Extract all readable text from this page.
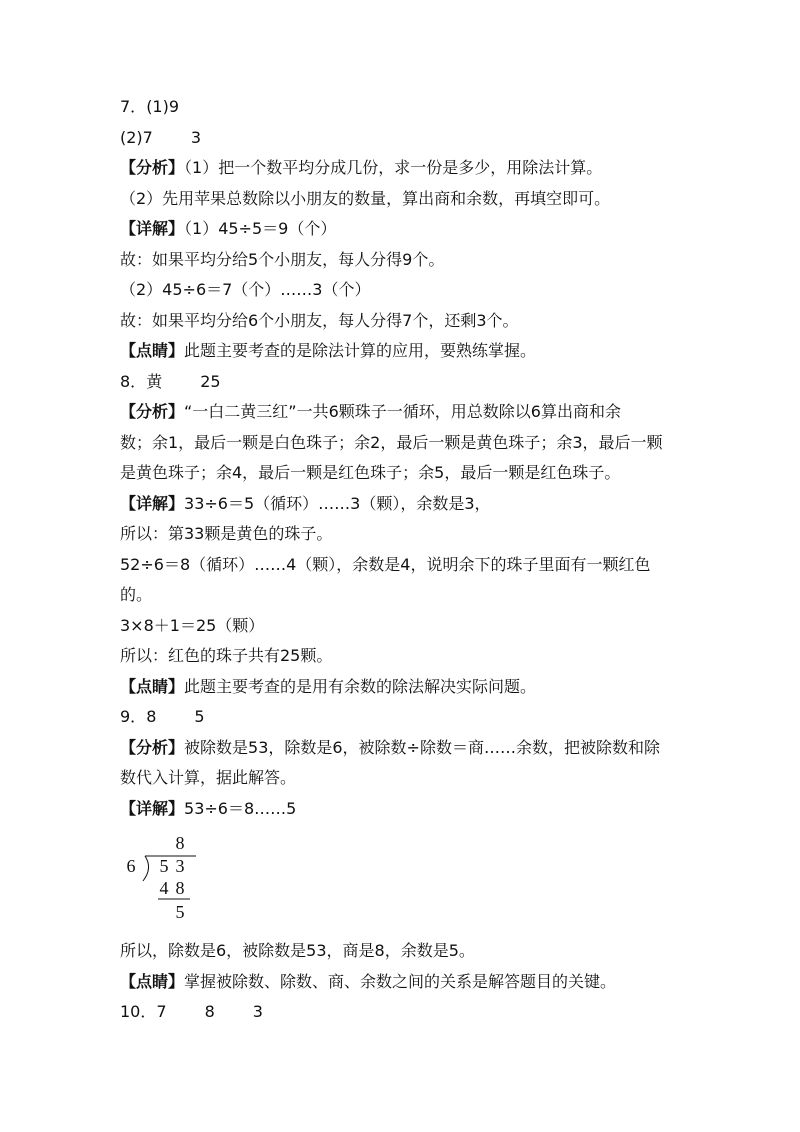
7．(1)9
(2)7 3
【分析】（1）把一个数平均分成几份，求一份是多少，用除法计算。
（2）先用苹果总数除以小朋友的数量，算出商和余数，再填空即可。
【详解】（1）45÷5＝9（个）
故：如果平均分给5个小朋友，每人分得9个。
（2）45÷6＝7（个）……3（个）
故：如果平均分给6个小朋友，每人分得7个，还剩3个。
【点睛】此题主要考查的是除法计算的应用，要熟练掌握。
8．黄 25
【分析】“一白二黄三红”一共6颗珠子一循环，用总数除以6算出商和余
数；余1，最后一颗是白色珠子；余2，最后一颗是黄色珠子；余3，最后一颗
是黄色珠子；余4，最后一颗是红色珠子；余5，最后一颗是红色珠子。
【详解】33÷6＝5（循环）……3（颗），余数是3，
所以：第33颗是黄色的珠子。
52÷6＝8（循环）……4（颗），余数是4，说明余下的珠子里面有一颗红色
的。
3×8＋1＝25（颗）
所以：红色的珠子共有25颗。
【点睛】此题主要考查的是用有余数的除法解决实际问题。
9．8 5
【分析】被除数是53，除数是6，被除数÷除数＝商……余数，把被除数和除
数代入计算，据此解答。
【详解】53÷6＝8……5
8
6 53
48
5
所以，除数是6，被除数是53，商是8，余数是5。
【点睛】掌握被除数、除数、商、余数之间的关系是解答题目的关键。
10．7 8 3
